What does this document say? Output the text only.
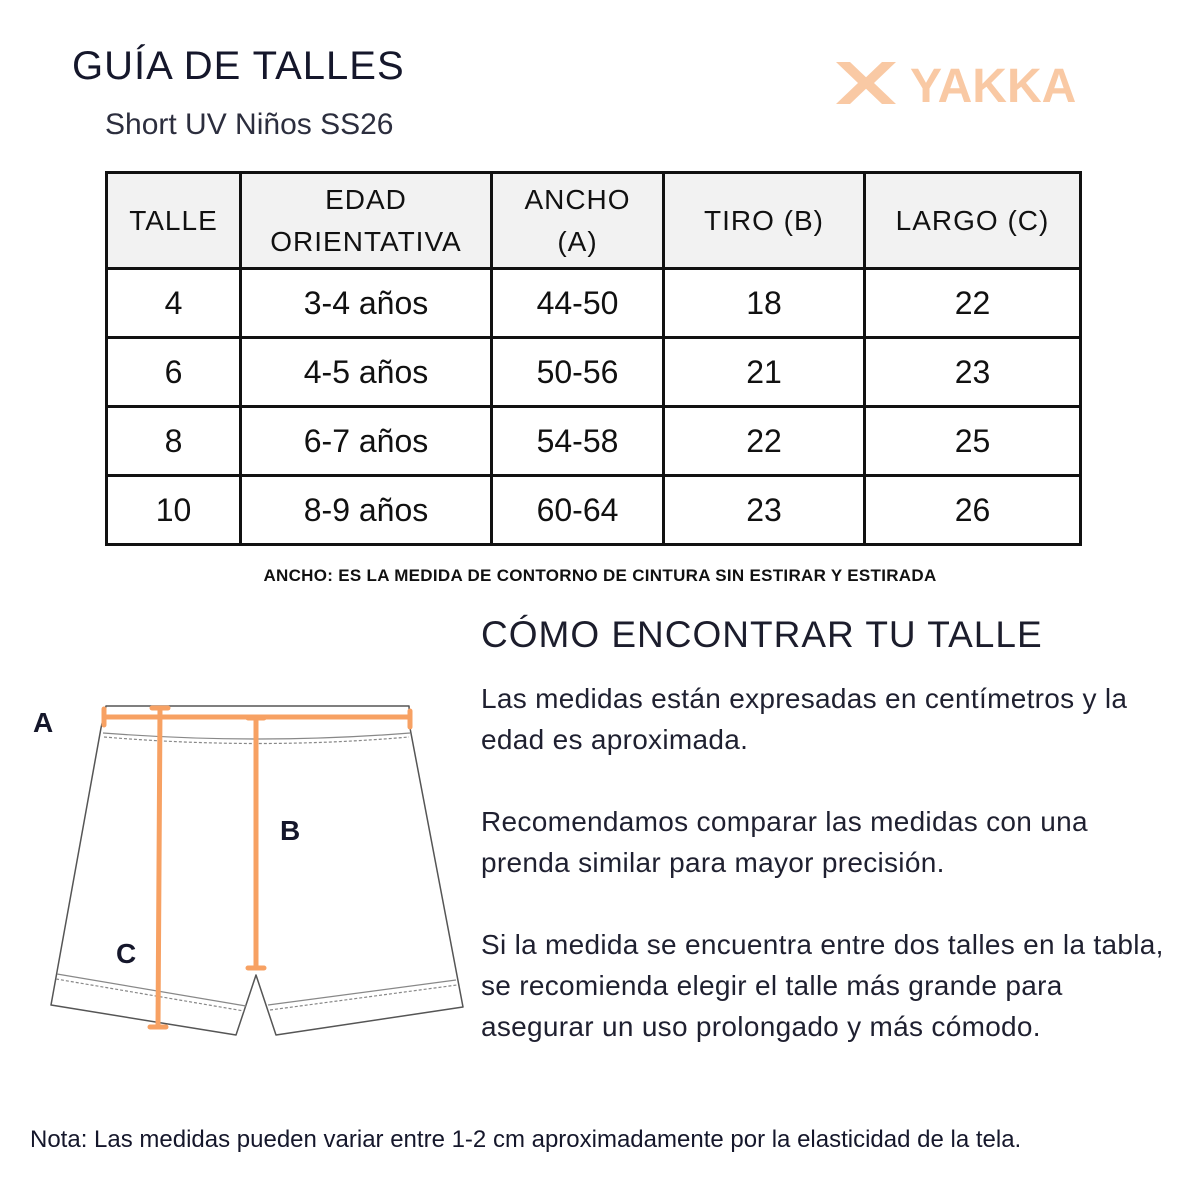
GUÍA DE TALLES
Short UV Niños SS26
YAKKA
TALLE	EDAD ORIENTATIVA	ANCHO (A)	TIRO (B)	LARGO (C)
4	3-4 años	44-50	18	22
6	4-5 años	50-56	21	23
8	6-7 años	54-58	22	25
10	8-9 años	60-64	23	26
ANCHO: ES LA MEDIDA DE CONTORNO DE CINTURA SIN ESTIRAR Y ESTIRADA
A
B
C
CÓMO ENCONTRAR TU TALLE
Las medidas están expresadas en centímetros y la edad es aproximada.
Recomendamos comparar las medidas con una prenda similar para mayor precisión.
Si la medida se encuentra entre dos talles en la tabla, se recomienda elegir el talle más grande para asegurar un uso prolongado y más cómodo.
Nota: Las medidas pueden variar entre 1-2 cm aproximadamente por la elasticidad de la tela.
